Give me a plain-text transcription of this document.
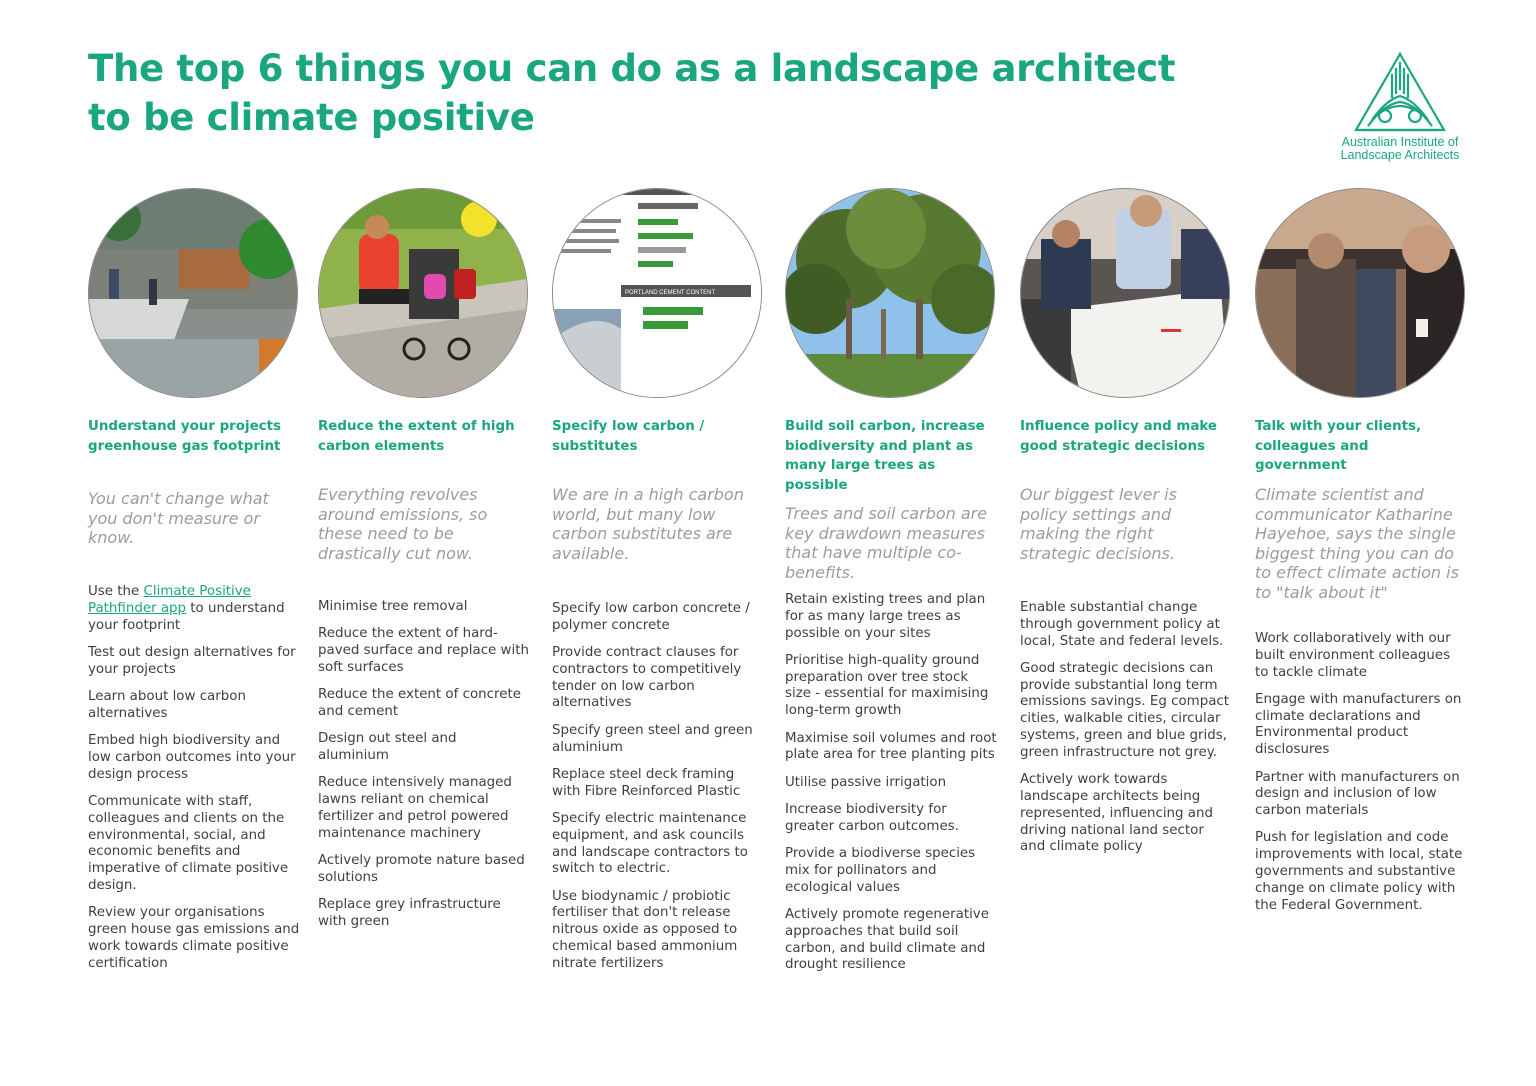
The top 6 things you can do as a landscape architect
to be climate positive
Australian Institute of
Landscape Architects
Understand your projects greenhouse gas footprint

You can't change what you don't measure or know.

Use the Climate Positive Pathfinder app to understand your footprint
Test out design alternatives for your projects
Learn about low carbon alternatives
Embed high biodiversity and low carbon outcomes into your design process
Communicate with staff, colleagues and clients on the environmental, social, and economic benefits and imperative of climate positive design.
Review your organisations green house gas emissions and work towards climate positive certification
Reduce the extent of high carbon elements

Everything revolves around emissions, so these need to be drastically cut now.

Minimise tree removal
Reduce the extent of hard-paved surface and replace with soft surfaces
Reduce the extent of concrete and cement
Design out steel and aluminium
Reduce intensively managed lawns reliant on chemical fertilizer and petrol powered maintenance machinery
Actively promote nature based solutions
Replace grey infrastructure with green
PORTLAND CEMENT CONTENT
Specify low carbon / substitutes

We are in a high carbon world, but many low carbon substitutes are available.

Specify low carbon concrete / polymer concrete
Provide contract clauses for contractors to competitively tender on low carbon alternatives
Specify green steel and green aluminium
Replace steel deck framing with Fibre Reinforced Plastic
Specify electric maintenance equipment, and ask councils and landscape contractors to switch to electric.
Use biodynamic / probiotic fertiliser that don't release nitrous oxide as opposed to chemical based ammonium nitrate fertilizers
Build soil carbon, increase biodiversity and plant as many large trees as possible

Trees and soil carbon are key drawdown measures that have multiple co-benefits.

Retain existing trees and plan for as many large trees as possible on your sites
Prioritise high-quality ground preparation over tree stock size - essential for maximising long-term growth
Maximise soil volumes and root plate area for tree planting pits
Utilise passive irrigation
Increase biodiversity for greater carbon outcomes.
Provide a biodiverse species mix for pollinators and ecological values
Actively promote regenerative approaches that build soil carbon, and build climate and drought resilience
Influence policy and make good strategic decisions

Our biggest lever is policy settings and making the right strategic decisions.

Enable substantial change through government policy at local, State and federal levels.
Good strategic decisions can provide substantial long term emissions savings. Eg compact cities, walkable cities, circular systems, green and blue grids, green infrastructure not grey.
Actively work towards landscape architects being represented, influencing and driving national land sector and climate policy
Talk with your clients, colleagues and government

Climate scientist and communicator Katharine Hayehoe, says the single biggest thing you can do to effect climate action is to "talk about it"

Work collaboratively with our built environment colleagues to tackle climate
Engage with manufacturers on climate declarations and Environmental product disclosures
Partner with manufacturers on design and inclusion of low carbon materials
Push for legislation and code improvements with local, state governments and substantive change on climate policy with the Federal Government.
